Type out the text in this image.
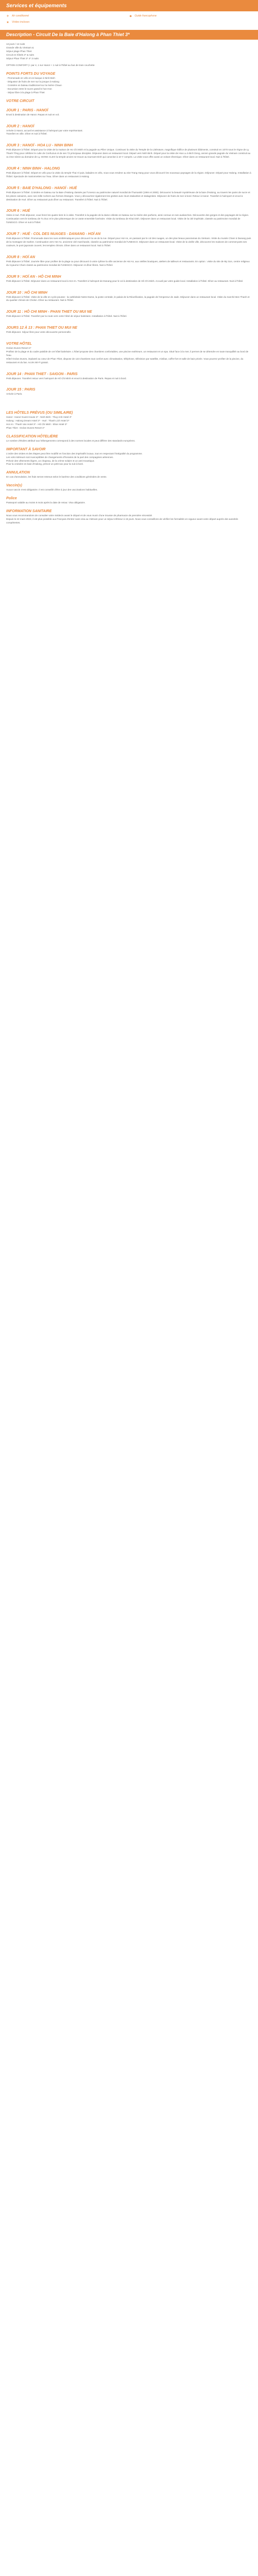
Services et équipements
✈ Air conditionné
★ Visites incluses
☻ Guide francophone
Description - Circuit De la Baie d'Halong à Phan Thiet 3*

13 jours / 12 nuits

Grande ville du Vietnam &

Séjour plage Phan Thiet

Circuit en hôtels 3* & nuits

Séjour Phan Thiet 3* 4* 3 nuits

OPTION CONFORT (+ par 4, 1 sur Hanoï + 1 nuit à l'hôtel au bus de train couchette

POINTS FORTS DU VOYAGE

· Promenade en vélo et en barque à Ninh Binh

· Dégustez de fruits de mer sur la jonque à Halong

· Croisière en bateau traditionnel sur la rivière Chaun

· Excursion entre le sucre grand le hon Hon

· Séjour libre à la plage à Phan Thiet

VOTRE CIRCUIT

JOUR 1 : PARIS - HANOÏ

Envol à destination de Hanoï. Repas et nuit en vol.

JOUR 2 : HANOÏ

Arrivée à Hanoï, accueil et assistance à l'aéroport par votre représentant.

Transfert en ville. Dîner et nuit à l'hôtel.

JOUR 3 : HANOÏ - HOA LU - NINH BINH

Petit déjeuner à l'hôtel. Départ pour la visite de la maison de Ho Chi Minh et la pagode au Pilier Unique. Continuez la visite du Temple de la Littérature, magnifique édifice de plusieurs bâtiments, construit en 1070 sous le règne de Ly Thanh Tông pour célébrer le culte de Confucius et de ses 72 principaux disciples. Déjeuner dans un restaurant local. Départ vers Ninh Binh. Départ pour la visite de Hoa Lu à Bich Dong, ancien grande pagode du Vietnam construit au 11 ème siècle au domaine de Ly. DONG CLEO la temple ancien se trouve au tournant Dinh qui canonise à 10 Y compris. La visite vous offre aussi un voiture électrique. Dîner dans un restaurant local. Nuit à l'hôtel.

JOUR 4 : NINH BINH - HALONG

Petit déjeuner à l'hôtel. Départ en vélo pour la visite du temple Thai Vi puis, balades en vélo, nous vous rendrez au site Trang Hang pour vous découvrir les nouveaux paysages de la région. Déjeuner. Départ pour Halong. Installation à l'hôtel. Spectacle de marionnettes sur l'eau. Dîner dans un restaurant à Halong.

JOUR 5 : BAIE D'HALONG - HANOÏ - HUÉ

Petit déjeuner à l'hôtel. Croisière en bateau sur la Baie d'Halong classée par l'Unesco au patrimoine naturel mondial de l'humanité (1994 et 2000). Découvrez la beauté mystérieuse de la baie d'Halong, au travers les pains de sucre et les pitons calcaires, avec ses mille rochers aux formes étranges. Vous y découvrirez également les grottes avec leurs stalactites et stalagmites. Déjeuner de fruits de mer à bord. Retour à Hanoï. Transfert à l'aéroport et envol à destination de Hué. Dîner au restaurant puis dîner au restaurant. Transfert à l'hôtel. Nuit à l'hôtel.

JOUR 6 : HUÉ

Visite à Hué. Petit déjeuner, vous ferez les quatre tiers le à visite. Transfert à la pagode de la dame céleste en bateau sur la rivière des parfums, ainsi connue en ses avalanches. Découverte des gorges et des paysages de la région. Continuation vers le tombeau de Tu Duc et le plus pittoresque de ce vaste ensemble funéraire. Visite du tombeau de Khai Dinh. Déjeuner dans un restaurant local. Visite de la cité impériale, classée au patrimoine mondial de l'UNESCO. Dîner et nuit à l'hôtel.

JOUR 7 : HUÉ - COL DES NUAGES - DANANG - HOÏ AN

Petit déjeuner à l'hôtel. Promenade dans les rues emblématiques pour découvrir la vie de la rue. Départ pour Hoï An, en passant par le col des nuages, un des plus beaux panoramas du Vietnam. Visite du musée Cham à Danang puis de la montagne de marbre. Continuation vers Hoï An, ancienne cité marchande, classée au patrimoine mondial de l'UNESCO. Déjeuner dans un restaurant local. Visite de la vieille ville, découvrez les maisons de commerçants ses couleurs, le pont japonais couvert, les temples chinois. Dîner dans un restaurant local. Nuit à l'hôtel.

JOUR 8 : HOÏ AN

Petit déjeuner à l'hôtel. Journée libre pour profiter de la plage ou pour découvrir à votre rythme la ville ancienne de Hoï An, aux vieilles boutiques, ateliers de tailleurs et restaurants. En option : visite du site de My Son, centre religieux du royaume Cham classé au patrimoine mondial de l'UNESCO. Déjeuner et dîner libres. Nuit à l'hôtel.

JOUR 9 : HOÏ AN - HÔ CHI MINH

Petit déjeuner à l'hôtel. Déjeuner dans un restaurant local à Hoï An. Transfert à l'aéroport de Danang pour le vol à destination de Hô Chi Minh. Accueil par votre guide local. Installation à l'hôtel. Dîner au restaurant. Nuit à l'hôtel.

JOUR 10 : HÔ CHI MINH

Petit déjeuner à l'hôtel. Visite de la ville en cyclo-pousse : la cathédrale Notre-Dame, la poste centrale, le palais de la Réunification, la pagode de l'empereur de Jade. Déjeuner dans un restaurant local. Visite du marché Ben Thanh et du quartier chinois de Cholon. Dîner au restaurant. Nuit à l'hôtel.

JOUR 11 : HÔ CHI MINH - PHAN THIET OU MUI NE

Petit déjeuner à l'hôtel. Transfert par la route vers votre hôtel de séjour balnéaire. Installation à l'hôtel. Nuit à l'hôtel.

JOURS 12 À 13 : PHAN THIET OU MUI NE

Petit déjeuner. Séjour libre pour votre découverte personnelle.

VOTRE HÔTEL

Océan Dunes Resort 4*

Profitez de la plage et du cadre paisible de cet hôtel balnéaire. L'hôtel propose des chambres confortables, une piscine extérieure, un restaurant et un spa. Situé face à la mer, il permet de se détendre en toute tranquillité au bord de l'eau.

Hôtel Océan Dunes, implanté au cœur de Phan Thiet, dispose de 123 chambres tout confort avec climatisation, téléphone, télévision par satellite, minibar, coffre-fort et salle de bain privée. Vous pourrez profiter de la piscine, du restaurant et du bar. Accès Wi-Fi gratuit.

JOUR 14 : PHAN THIET - SAIGON - PARIS

Petit déjeuner. Transfert retour vers l'aéroport de Hô Chi Minh et envol à destination de Paris. Repas et nuit à bord.

JOUR 15 : PARIS

Arrivée à Paris.

LES HÔTELS PRÉVUS (OU SIMILAIRE)

Hanoï : Hanoï Guest House 3* - Ninh Binh : Thuy Anh Hotel 3*

Halong : Halong Dream Hotel 3* - Hué : Thanh Lich Hotel 3*

Hoï An : Thanh Van Hotel 3* - Hô Chi Minh : Elios Hotel 3*

Phan Thiet : Océan Dunes Resort 4*

CLASSIFICATION HÔTELIÈRE

Le nombre d'étoiles attribué aux hébergements correspond à des normes locales et peut différer des standards européens.

IMPORTANT À SAVOIR

L'ordre des visites et des étapes peut être modifié en fonction des impératifs locaux, tout en respectant l'intégralité du programme.

Les vols intérieurs sont susceptibles de changements d'horaires de la part des compagnies aériennes.

Prévoir des vêtements légers, un chapeau, de la crème solaire et un anti-moustique.

Pour la croisière en baie d'Halong, prévoir un petit sac pour la nuit à bord.

ANNULATION

En cas d'annulation, les frais seront retenus selon le barème des conditions générales de vente.

Vaccin(s)

Aucun vaccin n'est obligatoire. Il est conseillé d'être à jour des vaccinations habituelles.

Police

Passeport valable au moins 6 mois après la date de retour. Visa obligatoire.

INFORMATION SANITAIRE

Nous vous recommandons de consulter votre médecin avant le départ et de vous munir d'une trousse de pharmacie de première nécessité.

Depuis le 22 mars 2023, il est plus possible aux Français d'entrer sans visa au Vietnam pour un séjour inférieur à 15 jours. Nous vous conseillons de vérifier les formalités en vigueur avant votre départ auprès des autorités compétentes.
